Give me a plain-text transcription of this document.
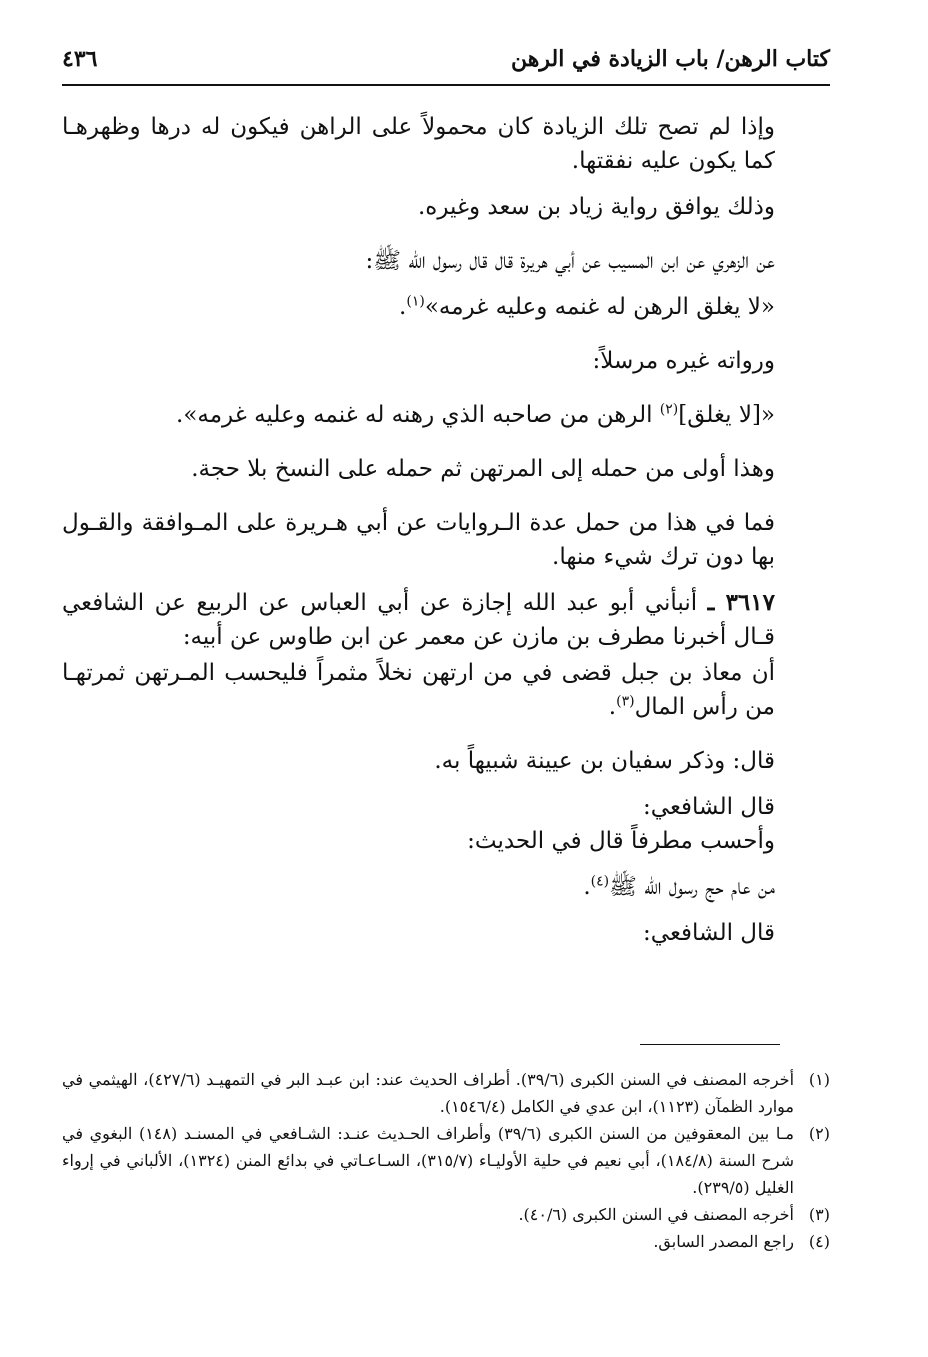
كتاب الرهن/ باب الزيادة في الرهن
٤٣٦

وإذا لم تصح تلك الزيادة كان محمولاً على الراهن فيكون له درها وظهرهـا كما يكون عليه نفقتها.

وذلك يوافق رواية زياد بن سعد وغيره.

عن الزهري عن ابن المسيب عن أبي هريرة قال قال رسول الله ﷺ:

«لا يغلق الرهن له غنمه وعليه غرمه»$^{(١)}$.

ورواته غيره مرسلاً:

«[لا يغلق]$^{(٢)}$ الرهن من صاحبه الذي رهنه له غنمه وعليه غرمه».

وهذا أولى من حمله إلى المرتهن ثم حمله على النسخ بلا حجة.

فما في هذا من حمل عدة الـروايات عن أبي هـريرة على المـوافقة والقـول بها دون ترك شيء منها.

٣٦١٧ ـ أنبأني أبو عبد الله إجازة عن أبي العباس عن الربيع عن الشافعي قـال أخبرنا مطرف بن مازن عن معمر عن ابن طاوس عن أبيه:

أن معاذ بن جبل قضى في من ارتهن نخلاً مثمراً فليحسب المـرتهن ثمرتهـا من رأس المال$^{(٣)}$.

قال: وذكر سفيان بن عيينة شبيهاً به.

قال الشافعي:

وأحسب مطرفاً قال في الحديث:

من عام حج رسول الله ﷺ$^{(٤)}$.

قال الشافعي:

(١)
أخرجه المصنف في السنن الكبرى (٣٩/٦). أطراف الحديث عند: ابن عبـد البر في التمهيـد (٤٢٧/٦)، الهيثمي في موارد الظمآن (١١٢٣)، ابن عدي في الكامل (١٥٤٦/٤).
(٢)
مـا بين المعقوفين من السنن الكبرى (٣٩/٦) وأطراف الحـديث عنـد: الشـافعي في المسنـد (١٤٨) البغوي في شرح السنة (١٨٤/٨)، أبي نعيم في حلية الأوليـاء (٣١٥/٧)، السـاعـاتي في بدائع المنن (١٣٢٤)، الألباني في إرواء الغليل (٢٣٩/٥).
(٣)
أخرجه المصنف في السنن الكبرى (٤٠/٦).
(٤)
راجع المصدر السابق.
